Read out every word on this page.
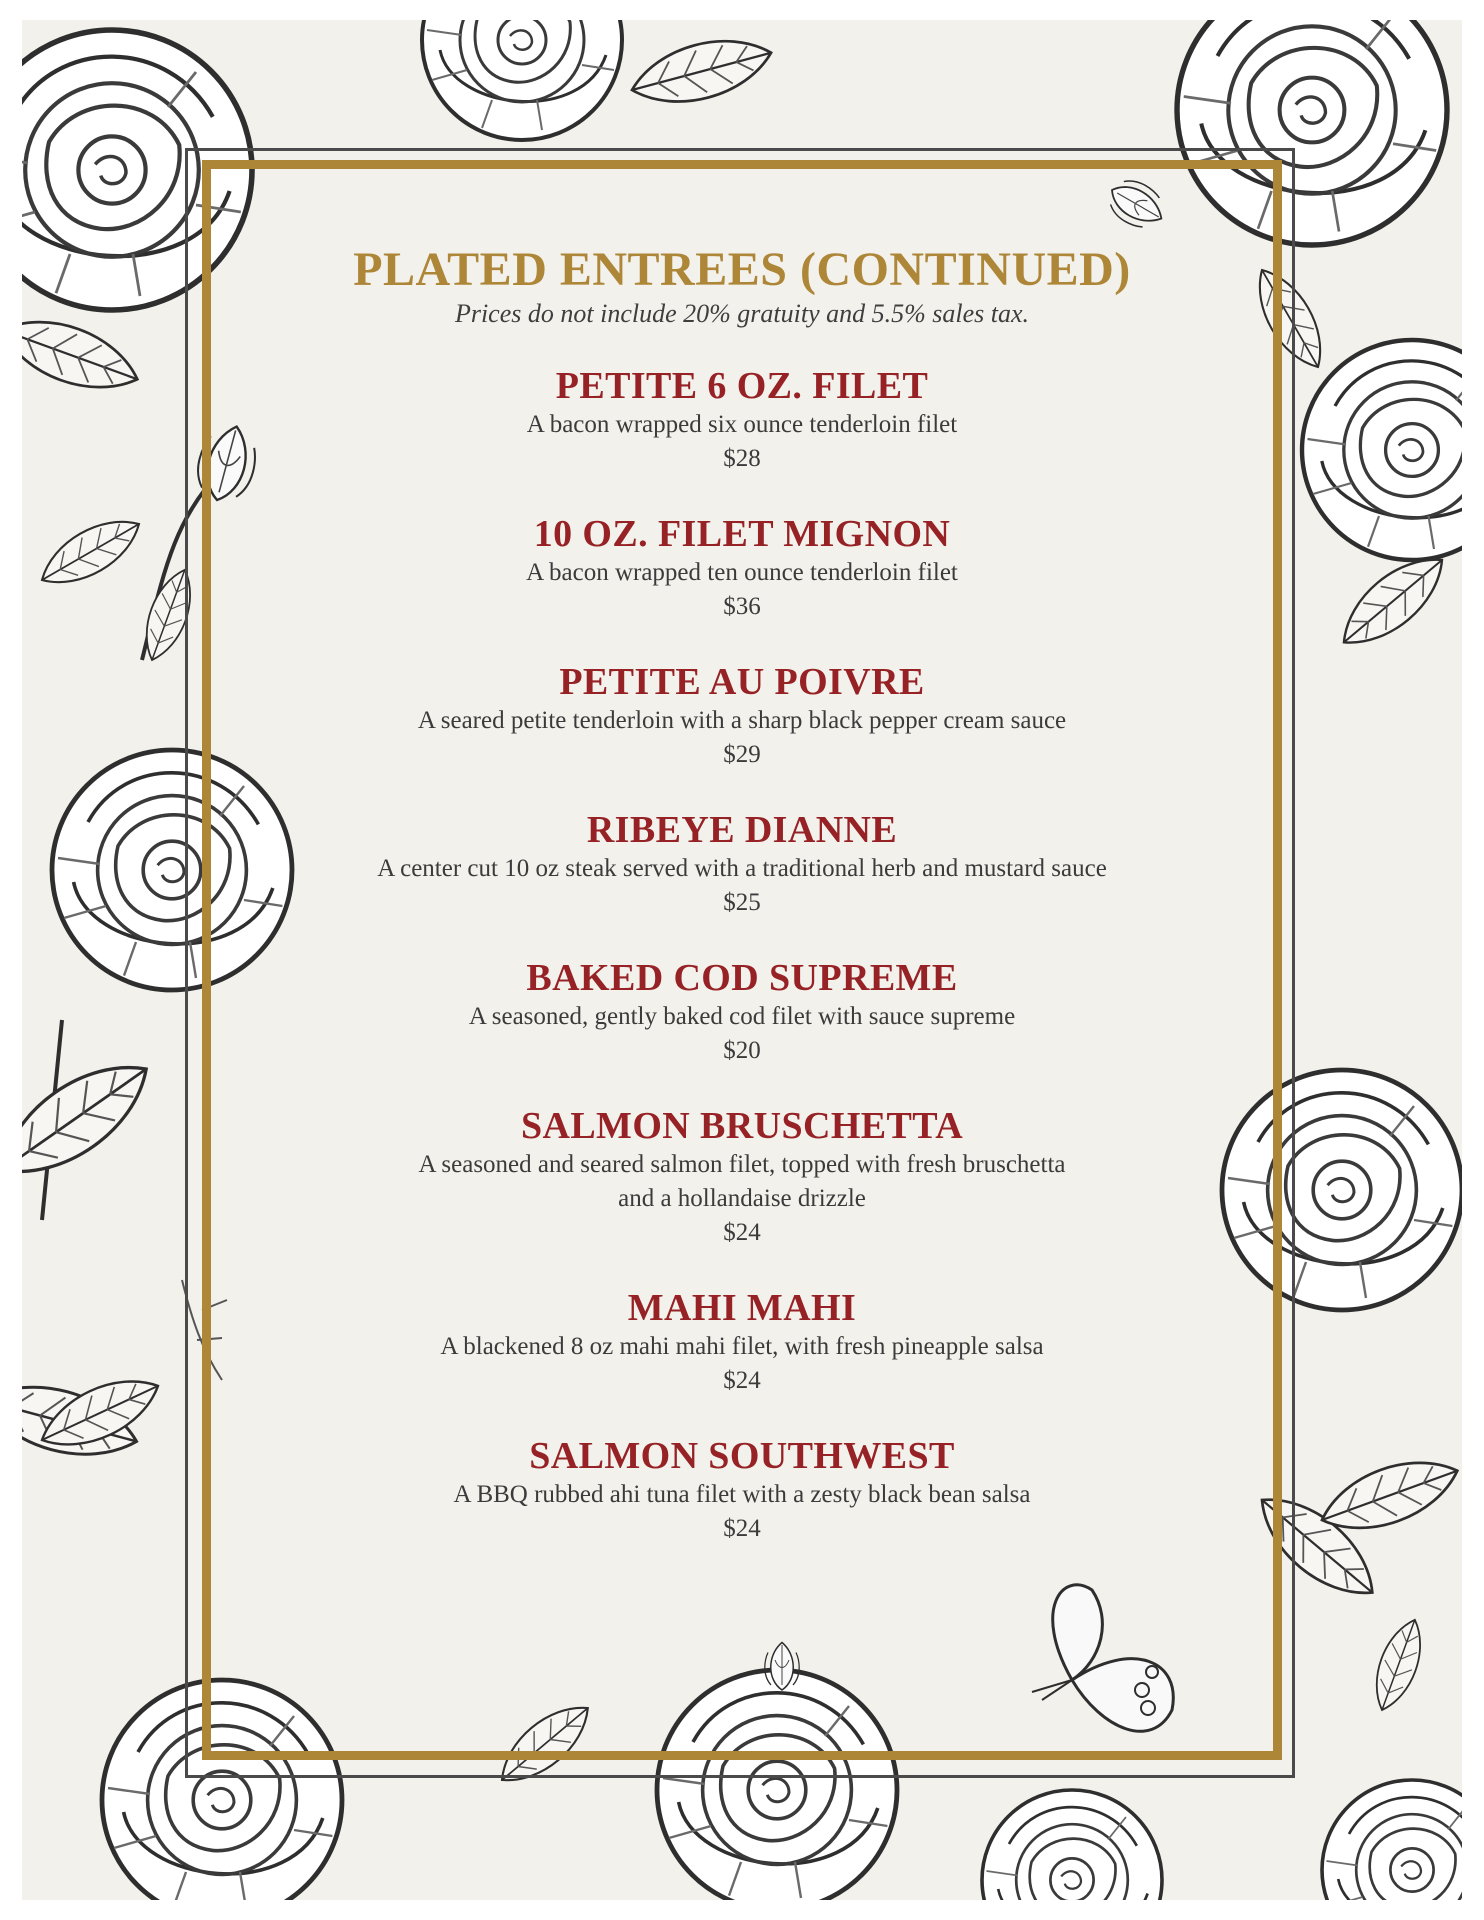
PLATED ENTREES (CONTINUED)

Prices do not include 20% gratuity and 5.5% sales tax.

PETITE 6 OZ. FILET
A bacon wrapped six ounce tenderloin filet
$28
10 OZ. FILET MIGNON
A bacon wrapped ten ounce tenderloin filet
$36
PETITE AU POIVRE
A seared petite tenderloin with a sharp black pepper cream sauce
$29
RIBEYE DIANNE
A center cut 10 oz steak served with a traditional herb and mustard sauce
$25
BAKED COD SUPREME
A seasoned, gently baked cod filet with sauce supreme
$20
SALMON BRUSCHETTA
A seasoned and seared salmon filet, topped with fresh bruschetta
and a hollandaise drizzle
$24
MAHI MAHI
A blackened 8 oz mahi mahi filet, with fresh pineapple salsa
$24
SALMON SOUTHWEST
A BBQ rubbed ahi tuna filet with a zesty black bean salsa
$24
